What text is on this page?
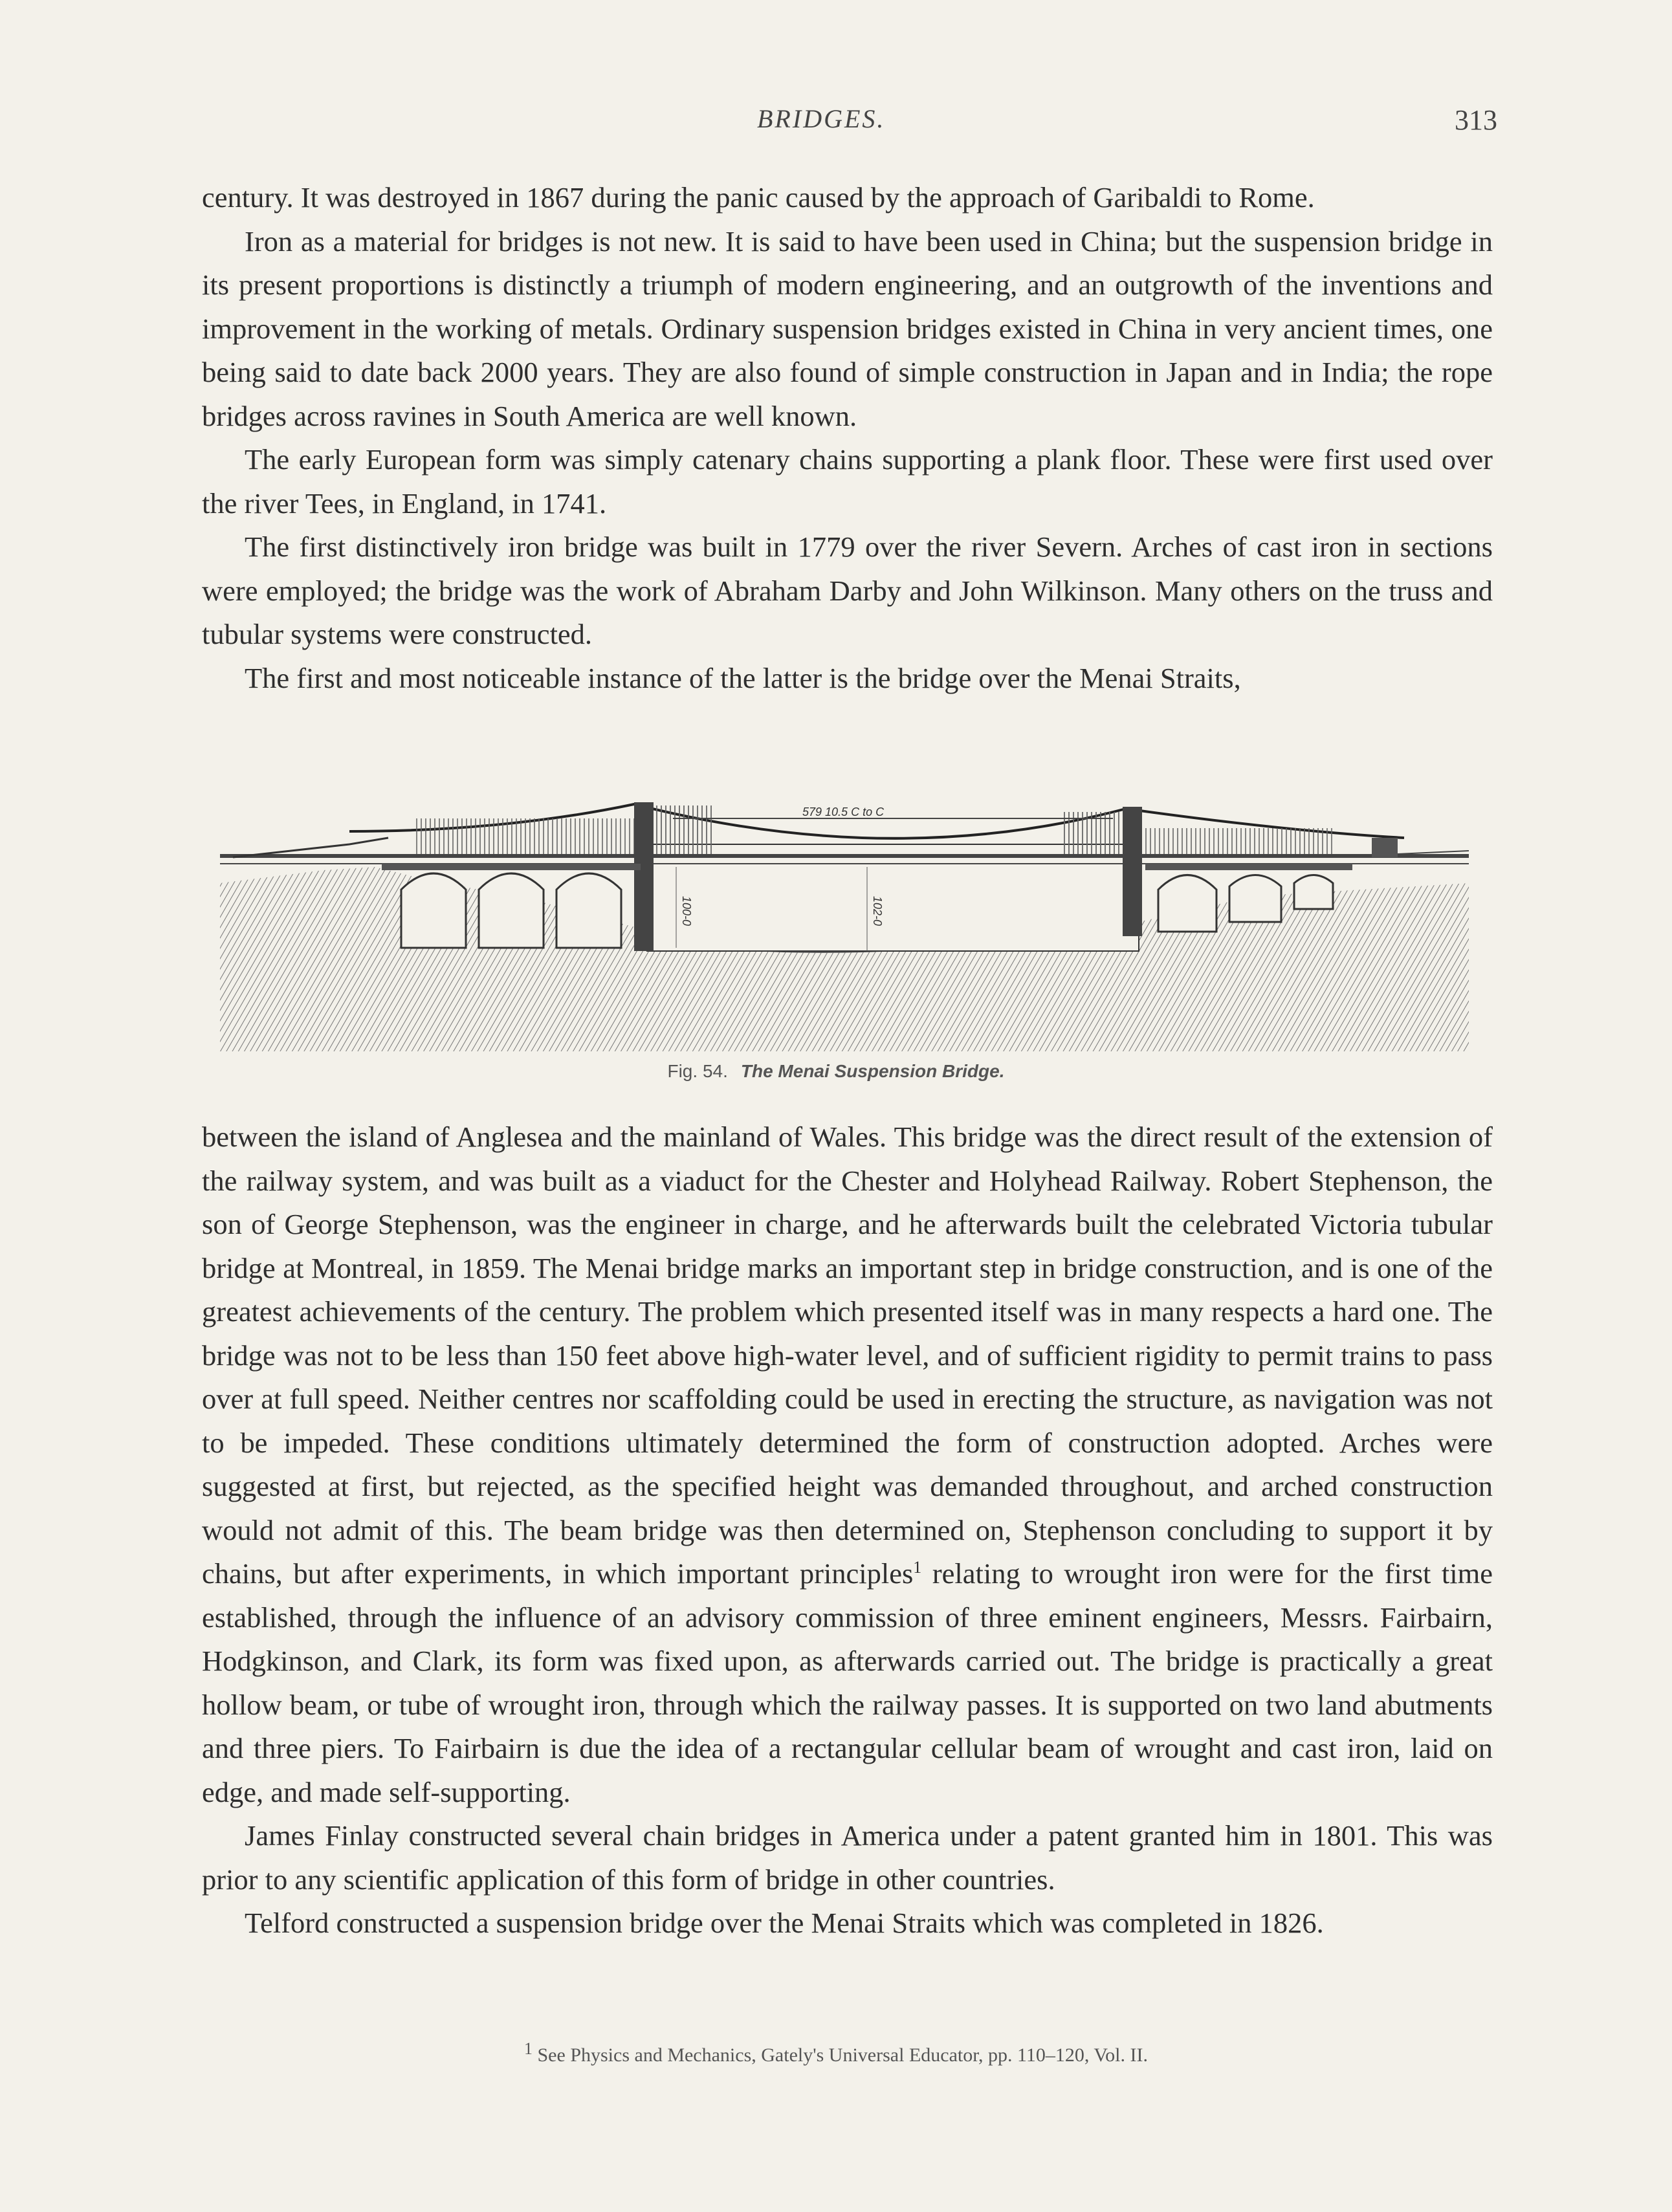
BRIDGES.	313

century. It was destroyed in 1867 during the panic caused by the approach of Garibaldi to Rome.

Iron as a material for bridges is not new. It is said to have been used in China; but the suspension bridge in its present proportions is distinctly a triumph of modern engineering, and an outgrowth of the inventions and improvement in the working of metals. Ordinary suspension bridges existed in China in very ancient times, one being said to date back 2000 years. They are also found of simple construction in Japan and in India; the rope bridges across ravines in South America are well known.

The early European form was simply catenary chains supporting a plank floor. These were first used over the river Tees, in England, in 1741.

The first distinctively iron bridge was built in 1779 over the river Severn. Arches of cast iron in sections were employed; the bridge was the work of Abraham Darby and John Wilkinson. Many others on the truss and tubular systems were constructed.

The first and most noticeable instance of the latter is the bridge over the Menai Straits,

579 10.5 C to C
100-0	102-0
Fig. 54. The Menai Suspension Bridge.

between the island of Anglesea and the mainland of Wales. This bridge was the direct result of the extension of the railway system, and was built as a viaduct for the Chester and Holyhead Railway. Robert Stephenson, the son of George Stephenson, was the engineer in charge, and he afterwards built the celebrated Victoria tubular bridge at Montreal, in 1859. The Menai bridge marks an important step in bridge construction, and is one of the greatest achievements of the century. The problem which presented itself was in many respects a hard one. The bridge was not to be less than 150 feet above high-water level, and of sufficient rigidity to permit trains to pass over at full speed. Neither centres nor scaffolding could be used in erecting the structure, as navigation was not to be impeded. These conditions ultimately determined the form of construction adopted. Arches were suggested at first, but rejected, as the specified height was demanded throughout, and arched construction would not admit of this. The beam bridge was then determined on, Stephenson concluding to support it by chains, but after experiments, in which important principles$^1$ relating to wrought iron were for the first time established, through the influence of an advisory commission of three eminent engineers, Messrs. Fairbairn, Hodgkinson, and Clark, its form was fixed upon, as afterwards carried out. The bridge is practically a great hollow beam, or tube of wrought iron, through which the railway passes. It is supported on two land abutments and three piers. To Fairbairn is due the idea of a rectangular cellular beam of wrought and cast iron, laid on edge, and made self-supporting.

James Finlay constructed several chain bridges in America under a patent granted him in 1801. This was prior to any scientific application of this form of bridge in other countries.

Telford constructed a suspension bridge over the Menai Straits which was completed in 1826.

$^1$ See Physics and Mechanics, Gately's Universal Educator, pp. 110–120, Vol. II.
